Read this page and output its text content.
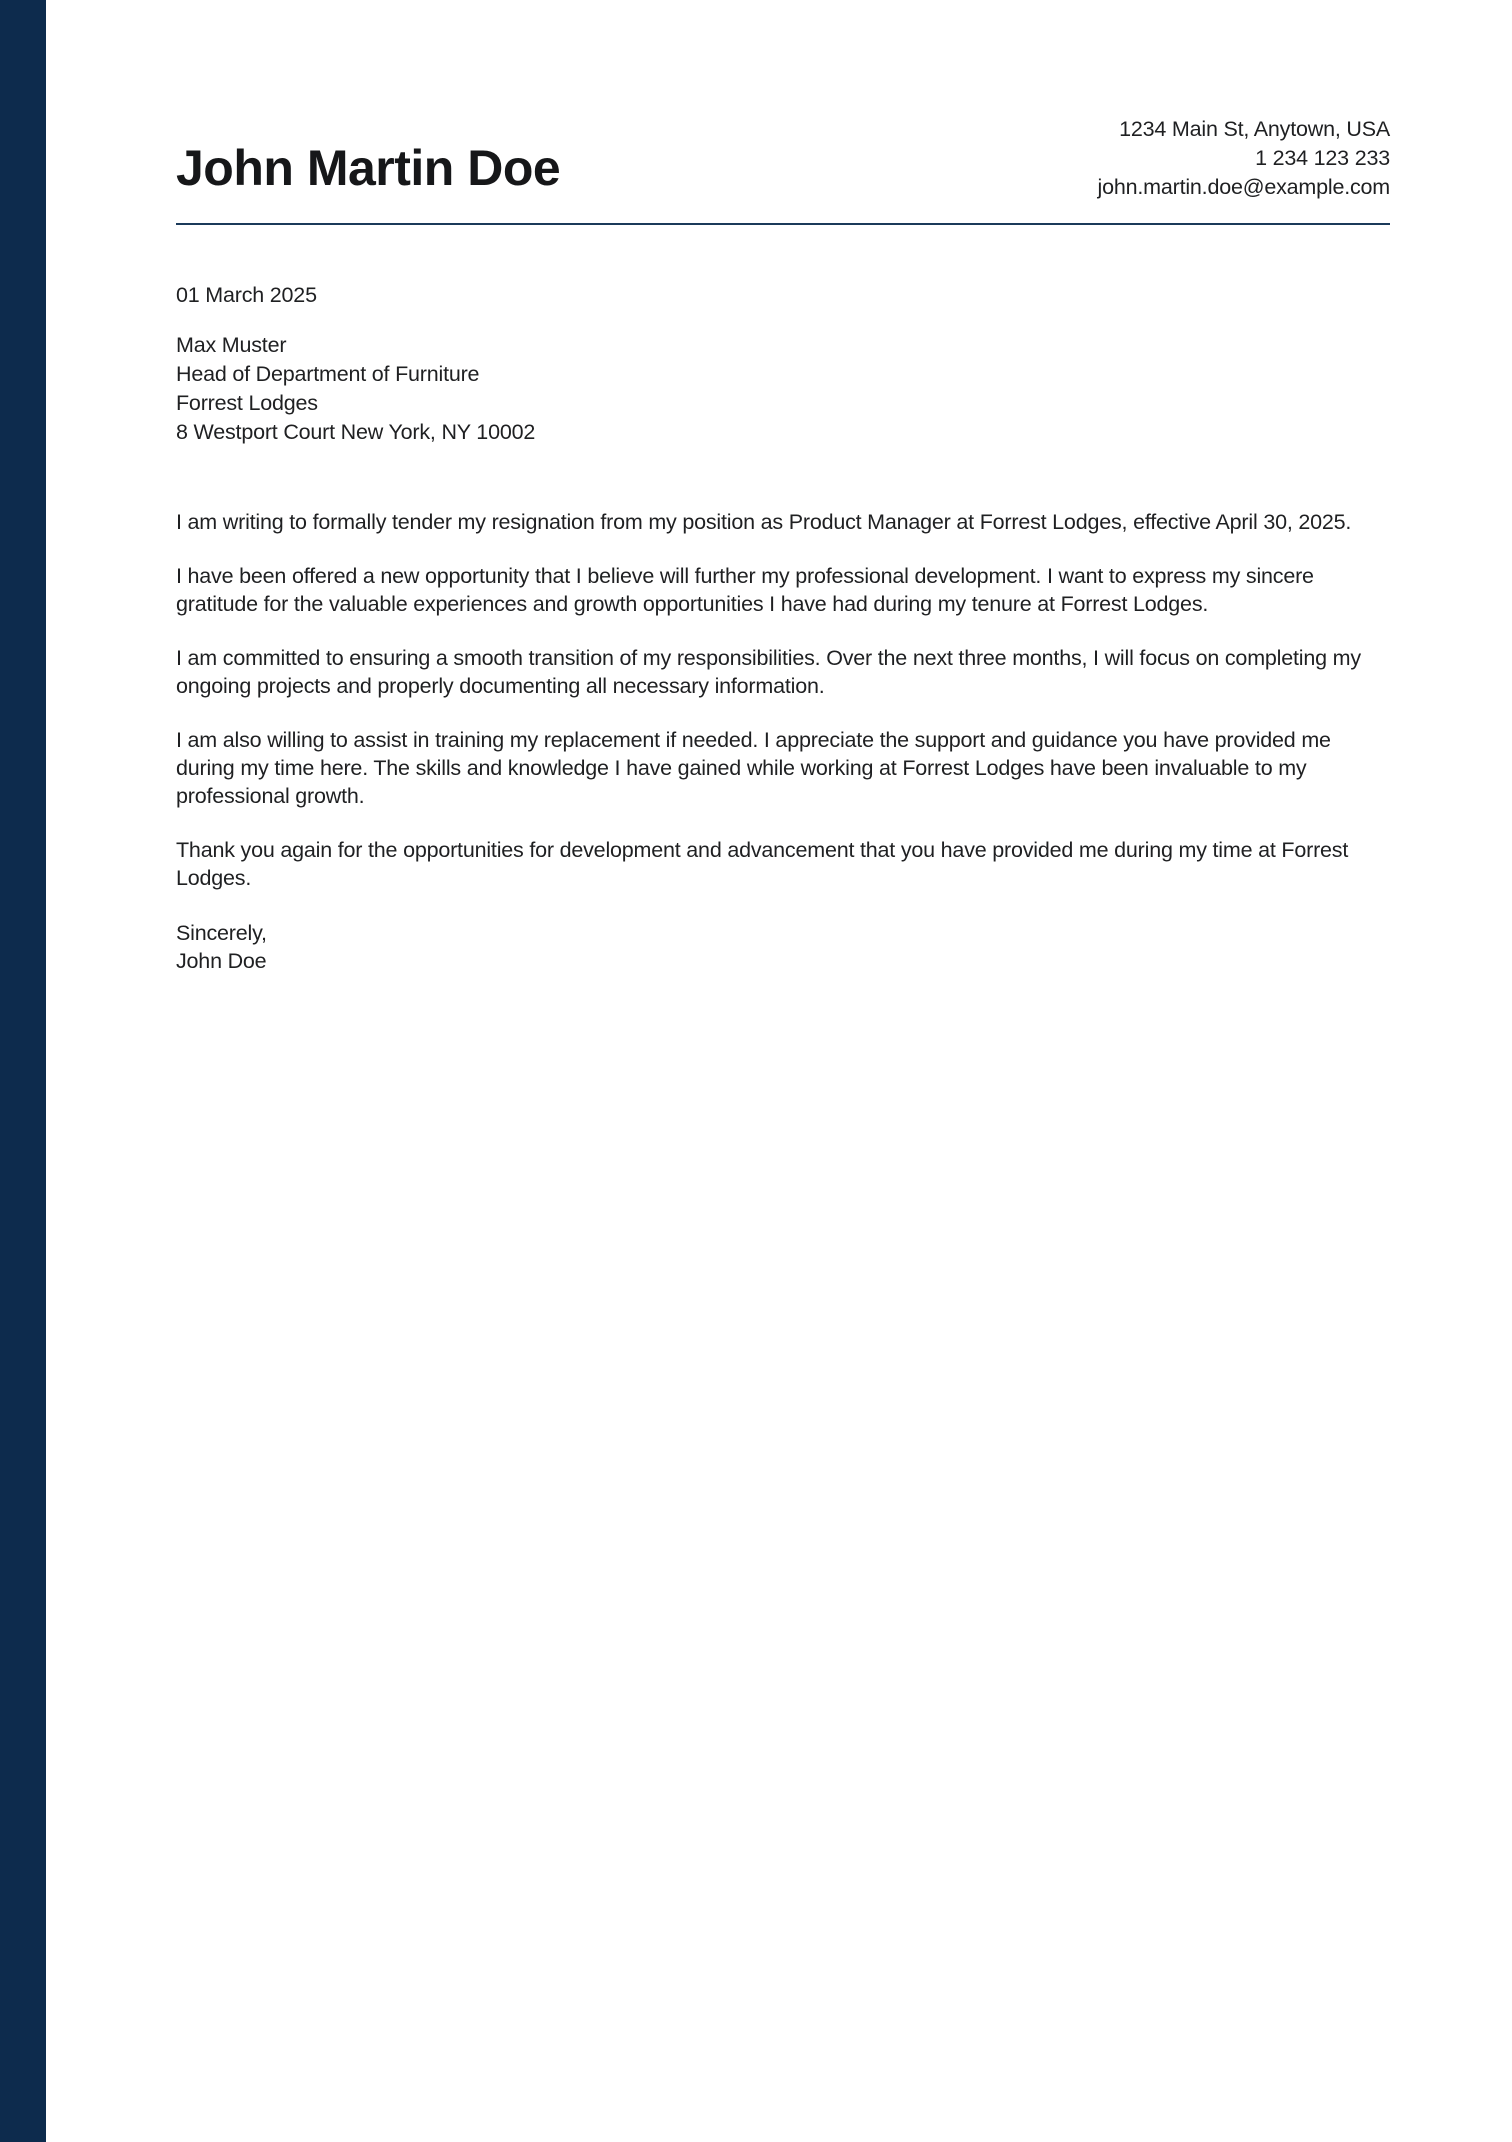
John Martin Doe
1234 Main St, Anytown, USA
1 234 123 233
john.martin.doe@example.com
01 March 2025
Max Muster
Head of Department of Furniture
Forrest Lodges
8 Westport Court New York, NY 10002

I am writing to formally tender my resignation from my position as Product Manager at Forrest Lodges, effective April 30, 2025.

I have been offered a new opportunity that I believe will further my professional development. I want to express my sincere gratitude for the valuable experiences and growth opportunities I have had during my tenure at Forrest Lodges.

I am committed to ensuring a smooth transition of my responsibilities. Over the next three months, I will focus on completing my ongoing projects and properly documenting all necessary information.

I am also willing to assist in training my replacement if needed. I appreciate the support and guidance you have provided me during my time here. The skills and knowledge I have gained while working at Forrest Lodges have been invaluable to my professional growth.

Thank you again for the opportunities for development and advancement that you have provided me during my time at Forrest Lodges.

Sincerely,
John Doe
